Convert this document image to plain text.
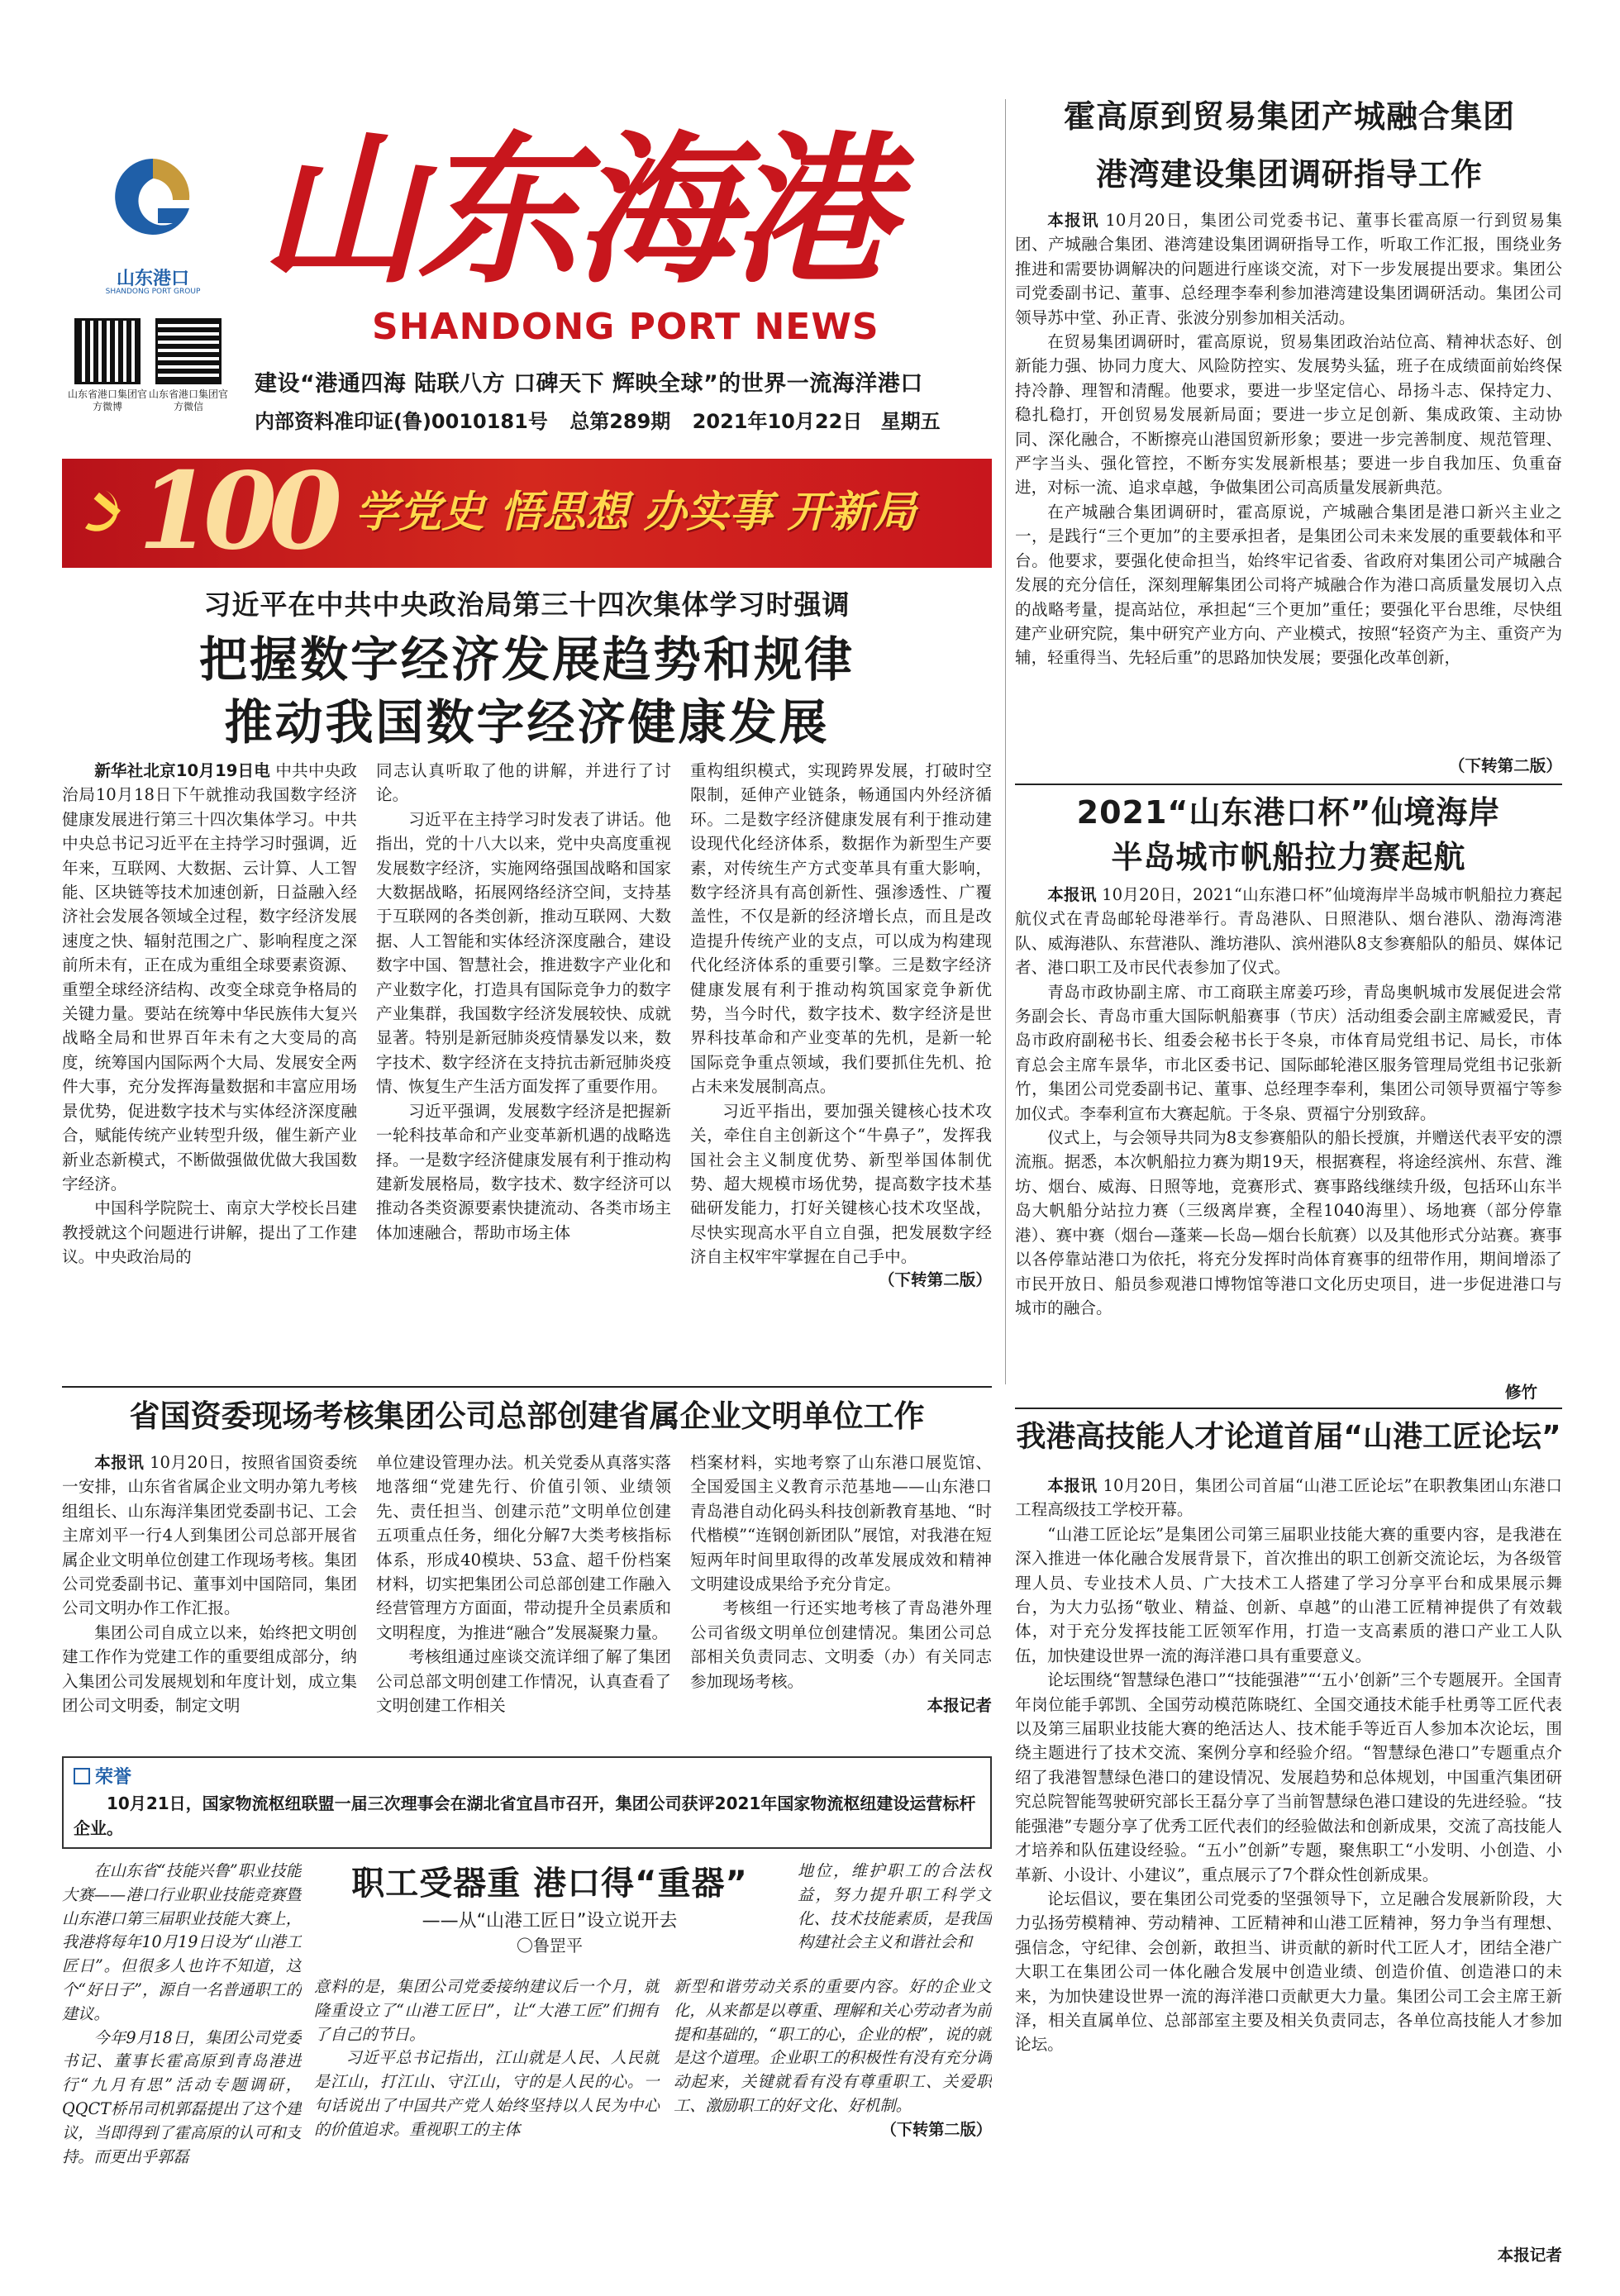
山东港口
SHANDONG PORT GROUP 山东海港
SHANDONG PORT NEWS
山东省港口集团官方微博
山东省港口集团官方微信
建设“港通四海 陆联八方 口碑天下 辉映全球”的世界一流海洋港口
内部资料准印证(鲁)0010181号 总第289期 2021年10月22日 星期五
100 学党史 悟思想 办实事 开新局
习近平在中共中央政治局第三十四次集体学习时强调
把握数字经济发展趋势和规律
推动我国数字经济健康发展

新华社北京10月19日电 中共中央政治局10月18日下午就推动我国数字经济健康发展进行第三十四次集体学习。中共中央总书记习近平在主持学习时强调，近年来，互联网、大数据、云计算、人工智能、区块链等技术加速创新，日益融入经济社会发展各领域全过程，数字经济发展速度之快、辐射范围之广、影响程度之深前所未有，正在成为重组全球要素资源、重塑全球经济结构、改变全球竞争格局的关键力量。要站在统筹中华民族伟大复兴战略全局和世界百年未有之大变局的高度，统筹国内国际两个大局、发展安全两件大事，充分发挥海量数据和丰富应用场景优势，促进数字技术与实体经济深度融合，赋能传统产业转型升级，催生新产业新业态新模式，不断做强做优做大我国数字经济。

中国科学院院士、南京大学校长吕建教授就这个问题进行讲解，提出了工作建议。中央政治局的

同志认真听取了他的讲解，并进行了讨论。

习近平在主持学习时发表了讲话。他指出，党的十八大以来，党中央高度重视发展数字经济，实施网络强国战略和国家大数据战略，拓展网络经济空间，支持基于互联网的各类创新，推动互联网、大数据、人工智能和实体经济深度融合，建设数字中国、智慧社会，推进数字产业化和产业数字化，打造具有国际竞争力的数字产业集群，我国数字经济发展较快、成就显著。特别是新冠肺炎疫情暴发以来，数字技术、数字经济在支持抗击新冠肺炎疫情、恢复生产生活方面发挥了重要作用。

习近平强调，发展数字经济是把握新一轮科技革命和产业变革新机遇的战略选择。一是数字经济健康发展有利于推动构建新发展格局，数字技术、数字经济可以推动各类资源要素快捷流动、各类市场主体加速融合，帮助市场主体

重构组织模式，实现跨界发展，打破时空限制，延伸产业链条，畅通国内外经济循环。二是数字经济健康发展有利于推动建设现代化经济体系，数据作为新型生产要素，对传统生产方式变革具有重大影响，数字经济具有高创新性、强渗透性、广覆盖性，不仅是新的经济增长点，而且是改造提升传统产业的支点，可以成为构建现代化经济体系的重要引擎。三是数字经济健康发展有利于推动构筑国家竞争新优势，当今时代，数字技术、数字经济是世界科技革命和产业变革的先机，是新一轮国际竞争重点领域，我们要抓住先机、抢占未来发展制高点。

习近平指出，要加强关键核心技术攻关，牵住自主创新这个“牛鼻子”，发挥我国社会主义制度优势、新型举国体制优势、超大规模市场优势，提高数字技术基础研发能力，打好关键核心技术攻坚战，尽快实现高水平自立自强，把发展数字经济自主权牢牢掌握在自己手中。

（下转第二版）
霍高原到贸易集团产城融合集团
港湾建设集团调研指导工作

本报讯 10月20日，集团公司党委书记、董事长霍高原一行到贸易集团、产城融合集团、港湾建设集团调研指导工作，听取工作汇报，围绕业务推进和需要协调解决的问题进行座谈交流，对下一步发展提出要求。集团公司党委副书记、董事、总经理李奉利参加港湾建设集团调研活动。集团公司领导苏中堂、孙正青、张波分别参加相关活动。

在贸易集团调研时，霍高原说，贸易集团政治站位高、精神状态好、创新能力强、协同力度大、风险防控实、发展势头猛，班子在成绩面前始终保持冷静、理智和清醒。他要求，要进一步坚定信心、昂扬斗志、保持定力、稳扎稳打，开创贸易发展新局面；要进一步立足创新、集成政策、主动协同、深化融合，不断擦亮山港国贸新形象；要进一步完善制度、规范管理、严字当头、强化管控，不断夯实发展新根基；要进一步自我加压、负重奋进，对标一流、追求卓越，争做集团公司高质量发展新典范。

在产城融合集团调研时，霍高原说，产城融合集团是港口新兴主业之一，是践行“三个更加”的主要承担者，是集团公司未来发展的重要载体和平台。他要求，要强化使命担当，始终牢记省委、省政府对集团公司产城融合发展的充分信任，深刻理解集团公司将产城融合作为港口高质量发展切入点的战略考量，提高站位，承担起“三个更加”重任；要强化平台思维，尽快组建产业研究院，集中研究产业方向、产业模式，按照“轻资产为主、重资产为辅，轻重得当、先轻后重”的思路加快发展；要强化改革创新，

（下转第二版）
2021“山东港口杯”仙境海岸
半岛城市帆船拉力赛起航

本报讯 10月20日，2021“山东港口杯”仙境海岸半岛城市帆船拉力赛起航仪式在青岛邮轮母港举行。青岛港队、日照港队、烟台港队、渤海湾港队、威海港队、东营港队、潍坊港队、滨州港队8支参赛船队的船员、媒体记者、港口职工及市民代表参加了仪式。

青岛市政协副主席、市工商联主席姜巧珍，青岛奥帆城市发展促进会常务副会长、青岛市重大国际帆船赛事（节庆）活动组委会副主席臧爱民，青岛市政府副秘书长、组委会秘书长于冬泉，市体育局党组书记、局长，市体育总会主席车景华，市北区委书记、国际邮轮港区服务管理局党组书记张新竹，集团公司党委副书记、董事、总经理李奉利，集团公司领导贾福宁等参加仪式。李奉利宣布大赛起航。于冬泉、贾福宁分别致辞。

仪式上，与会领导共同为8支参赛船队的船长授旗，并赠送代表平安的漂流瓶。据悉，本次帆船拉力赛为期19天，根据赛程，将途经滨州、东营、潍坊、烟台、威海、日照等地，竞赛形式、赛事路线继续升级，包括环山东半岛大帆船分站拉力赛（三级离岸赛，全程1040海里）、场地赛（部分停靠港）、赛中赛（烟台—蓬莱—长岛—烟台长航赛）以及其他形式分站赛。赛事以各停靠站港口为依托，将充分发挥时尚体育赛事的纽带作用，期间增添了市民开放日、船员参观港口博物馆等港口文化历史项目，进一步促进港口与城市的融合。

修竹
省国资委现场考核集团公司总部创建省属企业文明单位工作

本报讯 10月20日，按照省国资委统一安排，山东省省属企业文明办第九考核组组长、山东海洋集团党委副书记、工会主席刘平一行4人到集团公司总部开展省属企业文明单位创建工作现场考核。集团公司党委副书记、董事刘中国陪同，集团公司文明办作工作汇报。

集团公司自成立以来，始终把文明创建工作作为党建工作的重要组成部分，纳入集团公司发展规划和年度计划，成立集团公司文明委，制定文明

单位建设管理办法。机关党委从真落实落地落细“党建先行、价值引领、业绩领先、责任担当、创建示范”文明单位创建五项重点任务，细化分解7大类考核指标体系，形成40模块、53盒、超千份档案材料，切实把集团公司总部创建工作融入经营管理方方面面，带动提升全员素质和文明程度，为推进“融合”发展凝聚力量。

考核组通过座谈交流详细了解了集团公司总部文明创建工作情况，认真查看了文明创建工作相关

档案材料，实地考察了山东港口展览馆、全国爱国主义教育示范基地——山东港口青岛港自动化码头科技创新教育基地、“时代楷模”“连钢创新团队”展馆，对我港在短短两年时间里取得的改革发展成效和精神文明建设成果给予充分肯定。

考核组一行还实地考核了青岛港外理公司省级文明单位创建情况。集团公司总部相关负责同志、文明委（办）有关同志参加现场考核。

本报记者
荣誉
10月21日，国家物流枢纽联盟一届三次理事会在湖北省宜昌市召开，集团公司获评2021年国家物流枢纽建设运营标杆企业。

在山东省“技能兴鲁”职业技能大赛——港口行业职业技能竞赛暨山东港口第三届职业技能大赛上，我港将每年10月19日设为“山港工匠日”。但很多人也许不知道，这个“好日子”，源自一名普通职工的建议。

今年9月18日，集团公司党委书记、董事长霍高原到青岛港进行“九月有思”活动专题调研，QQCT桥吊司机郭磊提出了这个建议，当即得到了霍高原的认可和支持。而更出乎郭磊

职工受器重 港口得“重器”
——从“山港工匠日”设立说开去
〇鲁罡平
地位，维护职工的合法权益，努力提升职工科学文化、技术技能素质，是我国构建社会主义和谐社会和

意料的是，集团公司党委接纳建议后一个月，就隆重设立了“山港工匠日”，让“大港工匠”们拥有了自己的节日。

习近平总书记指出，江山就是人民、人民就是江山，打江山、守江山，守的是人民的心。一句话说出了中国共产党人始终坚持以人民为中心的价值追求。重视职工的主体

新型和谐劳动关系的重要内容。好的企业文化，从来都是以尊重、理解和关心劳动者为前提和基础的，“职工的心，企业的根”，说的就是这个道理。企业职工的积极性有没有充分调动起来，关键就看有没有尊重职工、关爱职工、激励职工的好文化、好机制。

（下转第二版）
我港高技能人才论道首届“山港工匠论坛”

本报讯 10月20日，集团公司首届“山港工匠论坛”在职教集团山东港口工程高级技工学校开幕。

“山港工匠论坛”是集团公司第三届职业技能大赛的重要内容，是我港在深入推进一体化融合发展背景下，首次推出的职工创新交流论坛，为各级管理人员、专业技术人员、广大技术工人搭建了学习分享平台和成果展示舞台，为大力弘扬“敬业、精益、创新、卓越”的山港工匠精神提供了有效载体，对于充分发挥技能工匠领军作用，打造一支高素质的港口产业工人队伍，加快建设世界一流的海洋港口具有重要意义。

论坛围绕“智慧绿色港口”“技能强港”“‘五小’创新”三个专题展开。全国青年岗位能手郭凯、全国劳动模范陈晓红、全国交通技术能手杜勇等工匠代表以及第三届职业技能大赛的绝活达人、技术能手等近百人参加本次论坛，围绕主题进行了技术交流、案例分享和经验介绍。“智慧绿色港口”专题重点介绍了我港智慧绿色港口的建设情况、发展趋势和总体规划，中国重汽集团研究总院智能驾驶研究部长王磊分享了当前智慧绿色港口建设的先进经验。“技能强港”专题分享了优秀工匠代表们的经验做法和创新成果，交流了高技能人才培养和队伍建设经验。“五小”创新”专题，聚焦职工“小发明、小创造、小革新、小设计、小建议”，重点展示了7个群众性创新成果。

论坛倡议，要在集团公司党委的坚强领导下，立足融合发展新阶段，大力弘扬劳模精神、劳动精神、工匠精神和山港工匠精神，努力争当有理想、强信念，守纪律、会创新，敢担当、讲贡献的新时代工匠人才，团结全港广大职工在集团公司一体化融合发展中创造业绩、创造价值、创造港口的未来，为加快建设世界一流的海洋港口贡献更大力量。集团公司工会主席王新泽，相关直属单位、总部部室主要及相关负责同志，各单位高技能人才参加论坛。

本报记者
